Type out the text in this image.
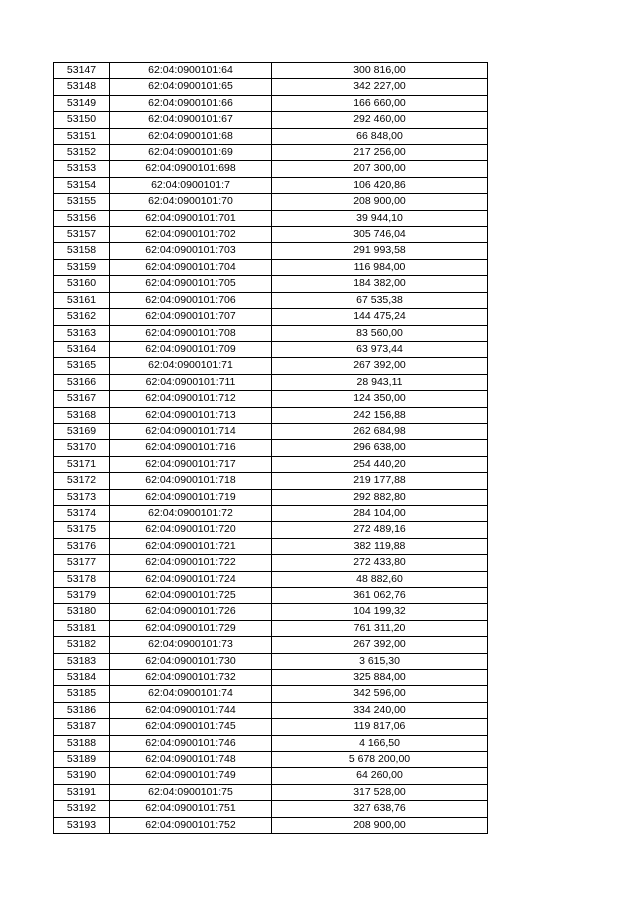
53147	62:04:0900101:64	300 816,00
53148	62:04:0900101:65	342 227,00
53149	62:04:0900101:66	166 660,00
53150	62:04:0900101:67	292 460,00
53151	62:04:0900101:68	66 848,00
53152	62:04:0900101:69	217 256,00
53153	62:04:0900101:698	207 300,00
53154	62:04:0900101:7	106 420,86
53155	62:04:0900101:70	208 900,00
53156	62:04:0900101:701	39 944,10
53157	62:04:0900101:702	305 746,04
53158	62:04:0900101:703	291 993,58
53159	62:04:0900101:704	116 984,00
53160	62:04:0900101:705	184 382,00
53161	62:04:0900101:706	67 535,38
53162	62:04:0900101:707	144 475,24
53163	62:04:0900101:708	83 560,00
53164	62:04:0900101:709	63 973,44
53165	62:04:0900101:71	267 392,00
53166	62:04:0900101:711	28 943,11
53167	62:04:0900101:712	124 350,00
53168	62:04:0900101:713	242 156,88
53169	62:04:0900101:714	262 684,98
53170	62:04:0900101:716	296 638,00
53171	62:04:0900101:717	254 440,20
53172	62:04:0900101:718	219 177,88
53173	62:04:0900101:719	292 882,80
53174	62:04:0900101:72	284 104,00
53175	62:04:0900101:720	272 489,16
53176	62:04:0900101:721	382 119,88
53177	62:04:0900101:722	272 433,80
53178	62:04:0900101:724	48 882,60
53179	62:04:0900101:725	361 062,76
53180	62:04:0900101:726	104 199,32
53181	62:04:0900101:729	761 311,20
53182	62:04:0900101:73	267 392,00
53183	62:04:0900101:730	3 615,30
53184	62:04:0900101:732	325 884,00
53185	62:04:0900101:74	342 596,00
53186	62:04:0900101:744	334 240,00
53187	62:04:0900101:745	119 817,06
53188	62:04:0900101:746	4 166,50
53189	62:04:0900101:748	5 678 200,00
53190	62:04:0900101:749	64 260,00
53191	62:04:0900101:75	317 528,00
53192	62:04:0900101:751	327 638,76
53193	62:04:0900101:752	208 900,00
